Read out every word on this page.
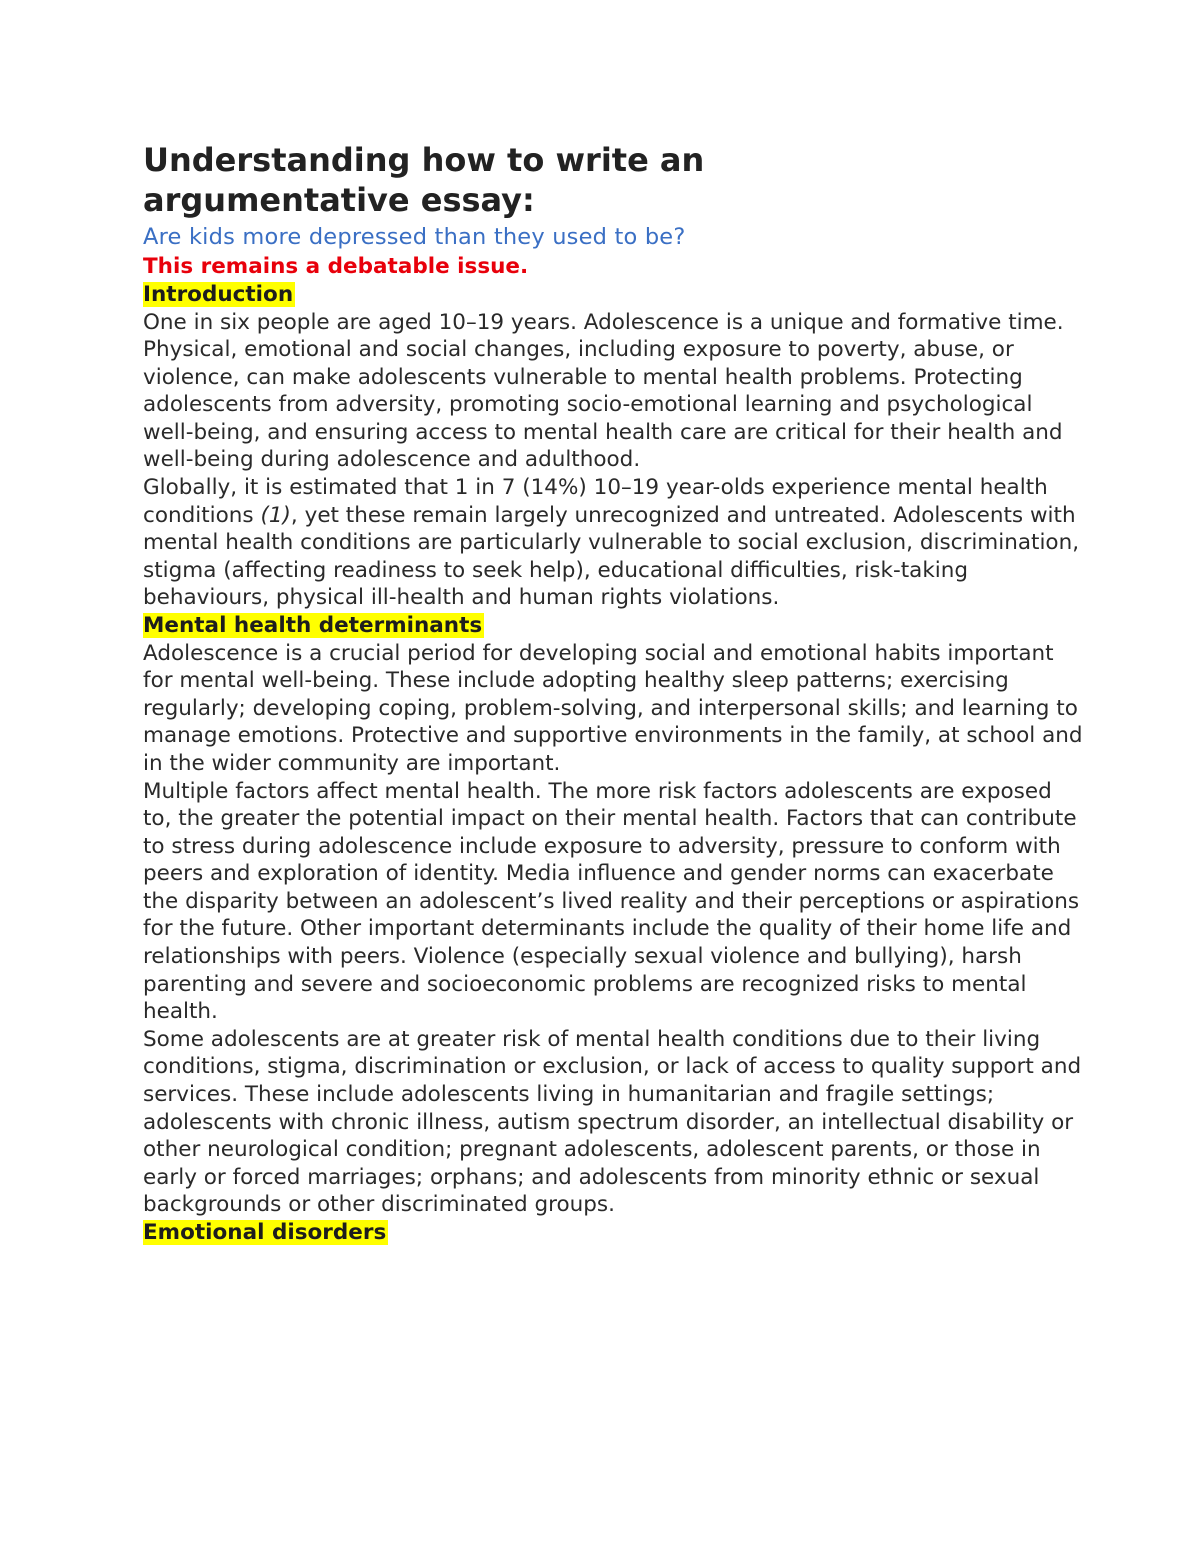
Understanding how to write an argumentative essay:

Are kids more depressed than they used to be?

This remains a debatable issue.

Introduction

One in six people are aged 10–19 years. Adolescence is a unique and formative time. Physical, emotional and social changes, including exposure to poverty, abuse, or violence, can make adolescents vulnerable to mental health problems. Protecting adolescents from adversity, promoting socio-emotional learning and psychological well-being, and ensuring access to mental health care are critical for their health and well-being during adolescence and adulthood.

Globally, it is estimated that 1 in 7 (14%) 10–19 year-olds experience mental health conditions (1), yet these remain largely unrecognized and untreated. Adolescents with mental health conditions are particularly vulnerable to social exclusion, discrimination, stigma (affecting readiness to seek help), educational difficulties, risk-taking behaviours, physical ill-health and human rights violations.

Mental health determinants

Adolescence is a crucial period for developing social and emotional habits important for mental well-being. These include adopting healthy sleep patterns; exercising regularly; developing coping, problem-solving, and interpersonal skills; and learning to manage emotions. Protective and supportive environments in the family, at school and in the wider community are important.

Multiple factors affect mental health. The more risk factors adolescents are exposed to, the greater the potential impact on their mental health. Factors that can contribute to stress during adolescence include exposure to adversity, pressure to conform with peers and exploration of identity. Media influence and gender norms can exacerbate the disparity between an adolescent’s lived reality and their perceptions or aspirations for the future. Other important determinants include the quality of their home life and relationships with peers. Violence (especially sexual violence and bullying), harsh parenting and severe and socioeconomic problems are recognized risks to mental health.

Some adolescents are at greater risk of mental health conditions due to their living conditions, stigma, discrimination or exclusion, or lack of access to quality support and services. These include adolescents living in humanitarian and fragile settings; adolescents with chronic illness, autism spectrum disorder, an intellectual disability or other neurological condition; pregnant adolescents, adolescent parents, or those in early or forced marriages; orphans; and adolescents from minority ethnic or sexual backgrounds or other discriminated groups.

Emotional disorders
